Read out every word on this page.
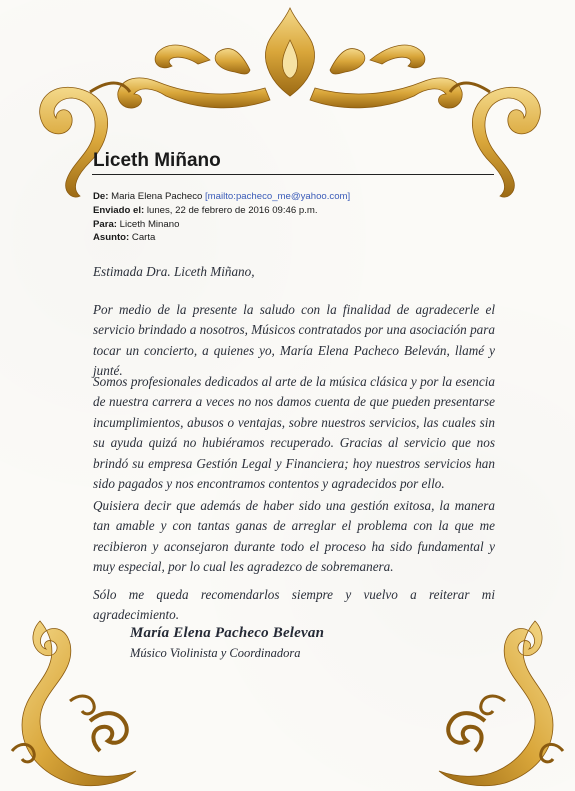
Liceth Miñano
De: Maria Elena Pacheco [mailto:pacheco_me@yahoo.com]
Enviado el: lunes, 22 de febrero de 2016 09:46 p.m.
Para: Liceth Minano
Asunto: Carta
Estimada Dra. Liceth Miñano,
Por medio de la presente la saludo con la finalidad de agradecerle el servicio brindado a nosotros, Músicos contratados por una asociación para tocar un concierto, a quienes yo, María Elena Pacheco Beleván, llamé y junté.
Somos profesionales dedicados al arte de la música clásica y por la esencia de nuestra carrera a veces no nos damos cuenta de que pueden presentarse incumplimientos, abusos o ventajas, sobre nuestros servicios, las cuales sin su ayuda quizá no hubiéramos recuperado. Gracias al servicio que nos brindó su empresa Gestión Legal y Financiera; hoy nuestros servicios han sido pagados y nos encontramos contentos y agradecidos por ello.
Quisiera decir que además de haber sido una gestión exitosa, la manera tan amable y con tantas ganas de arreglar el problema con la que me recibieron y aconsejaron durante todo el proceso ha sido fundamental y muy especial, por lo cual les agradezco de sobremanera.
Sólo me queda recomendarlos siempre y vuelvo a reiterar mi agradecimiento.
María Elena Pacheco Belevan
Músico Violinista y Coordinadora
